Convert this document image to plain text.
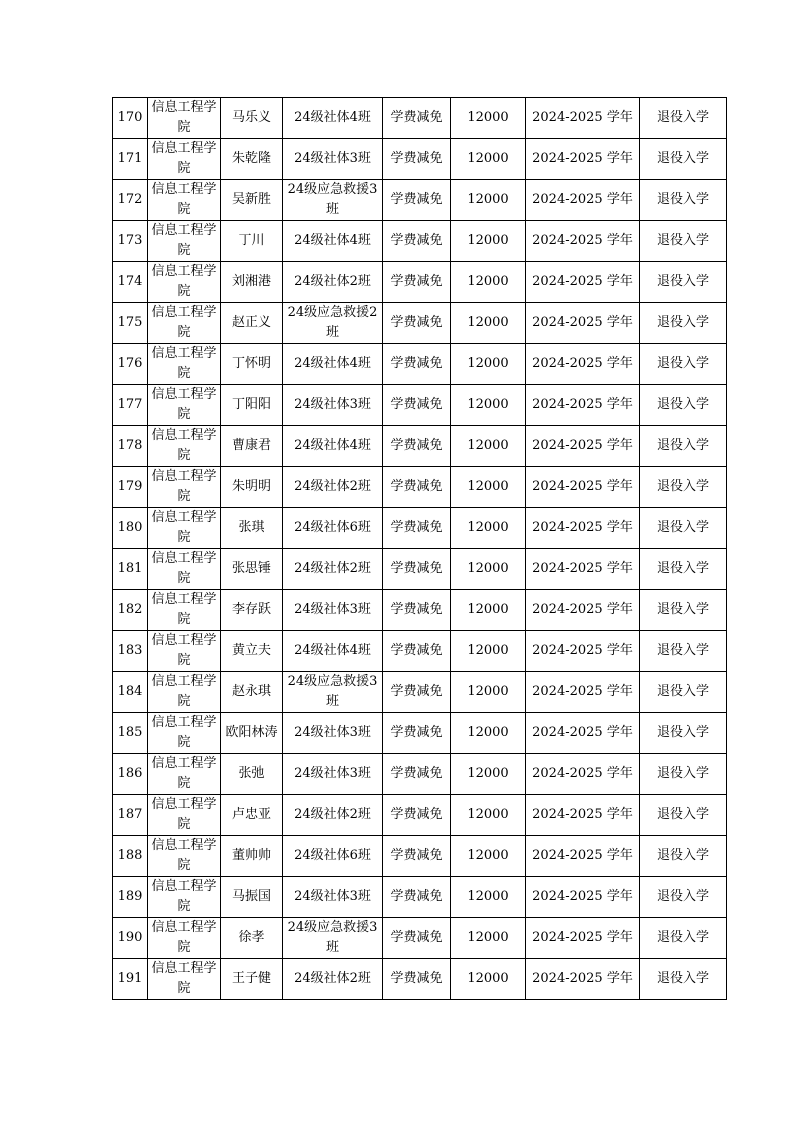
170	信息工程学院	马乐义	24级社体4班	学费减免	12000	2024-2025 学年	退役入学
171	信息工程学院	朱乾隆	24级社体3班	学费减免	12000	2024-2025 学年	退役入学
172	信息工程学院	吴新胜	24级应急救援3班	学费减免	12000	2024-2025 学年	退役入学
173	信息工程学院	丁川	24级社体4班	学费减免	12000	2024-2025 学年	退役入学
174	信息工程学院	刘湘港	24级社体2班	学费减免	12000	2024-2025 学年	退役入学
175	信息工程学院	赵正义	24级应急救援2班	学费减免	12000	2024-2025 学年	退役入学
176	信息工程学院	丁怀明	24级社体4班	学费减免	12000	2024-2025 学年	退役入学
177	信息工程学院	丁阳阳	24级社体3班	学费减免	12000	2024-2025 学年	退役入学
178	信息工程学院	曹康君	24级社体4班	学费减免	12000	2024-2025 学年	退役入学
179	信息工程学院	朱明明	24级社体2班	学费减免	12000	2024-2025 学年	退役入学
180	信息工程学院	张琪	24级社体6班	学费减免	12000	2024-2025 学年	退役入学
181	信息工程学院	张思锤	24级社体2班	学费减免	12000	2024-2025 学年	退役入学
182	信息工程学院	李存跃	24级社体3班	学费减免	12000	2024-2025 学年	退役入学
183	信息工程学院	黄立夫	24级社体4班	学费减免	12000	2024-2025 学年	退役入学
184	信息工程学院	赵永琪	24级应急救援3班	学费减免	12000	2024-2025 学年	退役入学
185	信息工程学院	欧阳林涛	24级社体3班	学费减免	12000	2024-2025 学年	退役入学
186	信息工程学院	张弛	24级社体3班	学费减免	12000	2024-2025 学年	退役入学
187	信息工程学院	卢忠亚	24级社体2班	学费减免	12000	2024-2025 学年	退役入学
188	信息工程学院	董帅帅	24级社体6班	学费减免	12000	2024-2025 学年	退役入学
189	信息工程学院	马振国	24级社体3班	学费减免	12000	2024-2025 学年	退役入学
190	信息工程学院	徐孝	24级应急救援3班	学费减免	12000	2024-2025 学年	退役入学
191	信息工程学院	王子健	24级社体2班	学费减免	12000	2024-2025 学年	退役入学
